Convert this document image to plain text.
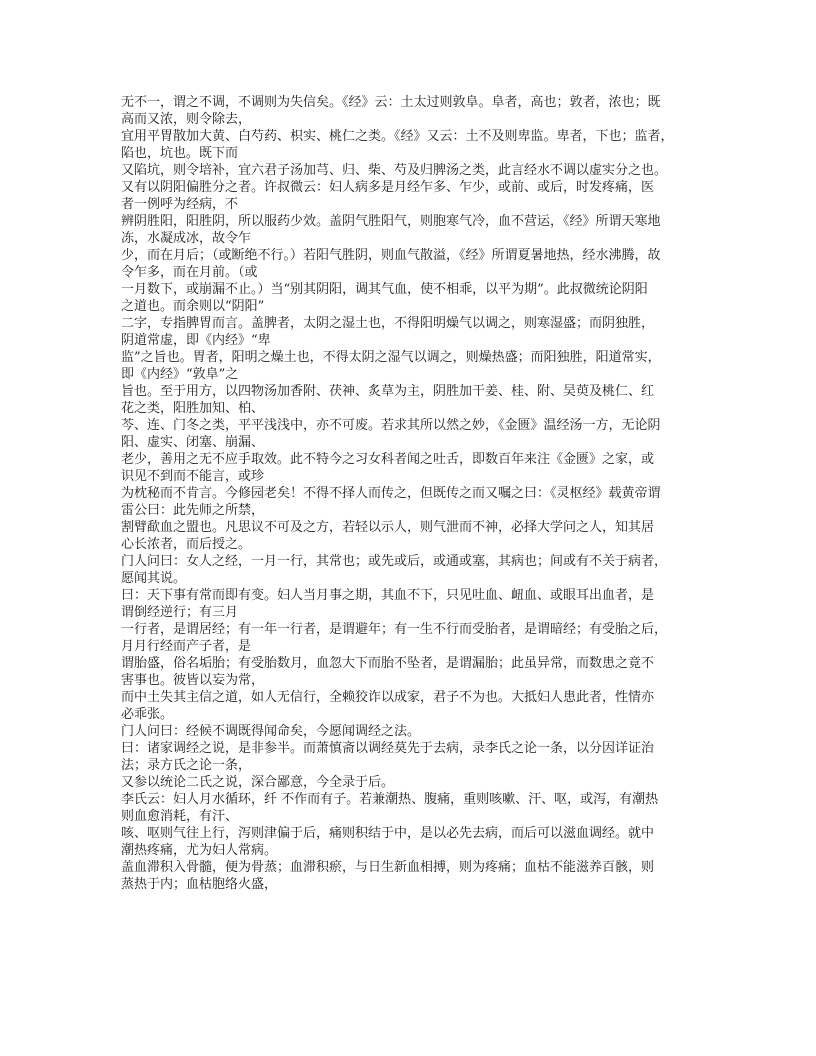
无不一，谓之不调，不调则为失信矣。《经》云：土太过则敦阜。阜者，高也；敦者，浓也；既
高而又浓，则令除去，
宜用平胃散加大黄、白芍药、枳实、桃仁之类。《经》又云：土不及则卑监。卑者，下也；监者，
陷也，坑也。既下而
又陷坑，则令培补，宜六君子汤加芎、归、柴、芍及归脾汤之类，此言经水不调以虚实分之也。
又有以阴阳偏胜分之者。许叔微云：妇人病多是月经乍多、乍少，或前、或后，时发疼痛，医
者一例呼为经病，不
辨阴胜阳，阳胜阴，所以服药少效。盖阴气胜阳气，则胞寒气冷，血不营运，《经》所谓天寒地
冻，水凝成冰，故令乍
少，而在月后；（或断绝不行。）若阳气胜阴，则血气散溢，《经》所谓夏暑地热，经水沸腾，故
令乍多，而在月前。（或
一月数下，或崩漏不止。）当“别其阴阳，调其气血，使不相乖，以平为期”。此叔微统论阴阳
之道也。而余则以“阴阳”
二字，专指脾胃而言。盖脾者，太阴之湿土也，不得阳明燥气以调之，则寒湿盛；而阴独胜，
阴道常虚，即《内经》“卑
监”之旨也。胃者，阳明之燥土也，不得太阴之湿气以调之，则燥热盛；而阳独胜，阳道常实，
即《内经》“敦阜”之
旨也。至于用方，以四物汤加香附、茯神、炙草为主，阴胜加干姜、桂、附、吴萸及桃仁、红
花之类，阳胜加知、柏、
芩、连、门冬之类，平平浅浅中，亦不可废。若求其所以然之妙，《金匮》温经汤一方，无论阴
阳、虚实、闭塞、崩漏、
老少，善用之无不应手取效。此不特今之习女科者闻之吐舌，即数百年来注《金匮》之家，或
识见不到而不能言，或珍
为枕秘而不肯言。今修园老矣！不得不择人而传之，但既传之而又嘱之曰：《灵枢经》载黄帝谓
雷公曰：此先师之所禁，
割臂歃血之盟也。凡思议不可及之方，若轻以示人，则气泄而不神，必择大学问之人，知其居
心长浓者，而后授之。
门人问曰：女人之经，一月一行，其常也；或先或后，或通或塞，其病也；间或有不关于病者，
愿闻其说。
曰：天下事有常而即有变。妇人当月事之期，其血不下，只见吐血、衄血、或眼耳出血者，是
谓倒经逆行；有三月
一行者，是谓居经；有一年一行者，是谓避年；有一生不行而受胎者，是谓暗经；有受胎之后，
月月行经而产子者，是
谓胎盛，俗名垢胎；有受胎数月，血忽大下而胎不坠者，是谓漏胎；此虽异常，而数患之竟不
害事也。彼皆以妄为常，
而中土失其主信之道，如人无信行，全赖狡诈以成家，君子不为也。大抵妇人患此者，性情亦
必乖张。
门人问曰：经候不调既得闻命矣，今愿闻调经之法。
曰：诸家调经之说，是非参半。而萧慎斋以调经莫先于去病，录李氏之论一条，以分因详证治
法；录方氏之论一条，
又参以统论二氏之说，深合鄙意，今全录于后。
李氏云：妇人月水循环，纤 不作而有子。若兼潮热、腹痛，重则咳嗽、汗、呕，或泻，有潮热
则血愈消耗，有汗、
咳、呕则气往上行，泻则津偏于后，痛则积结于中，是以必先去病，而后可以滋血调经。就中
潮热疼痛，尤为妇人常病。
盖血滞积入骨髓，便为骨蒸；血滞积瘀，与日生新血相搏，则为疼痛；血枯不能滋养百骸，则
蒸热于内；血枯胞络火盛，
